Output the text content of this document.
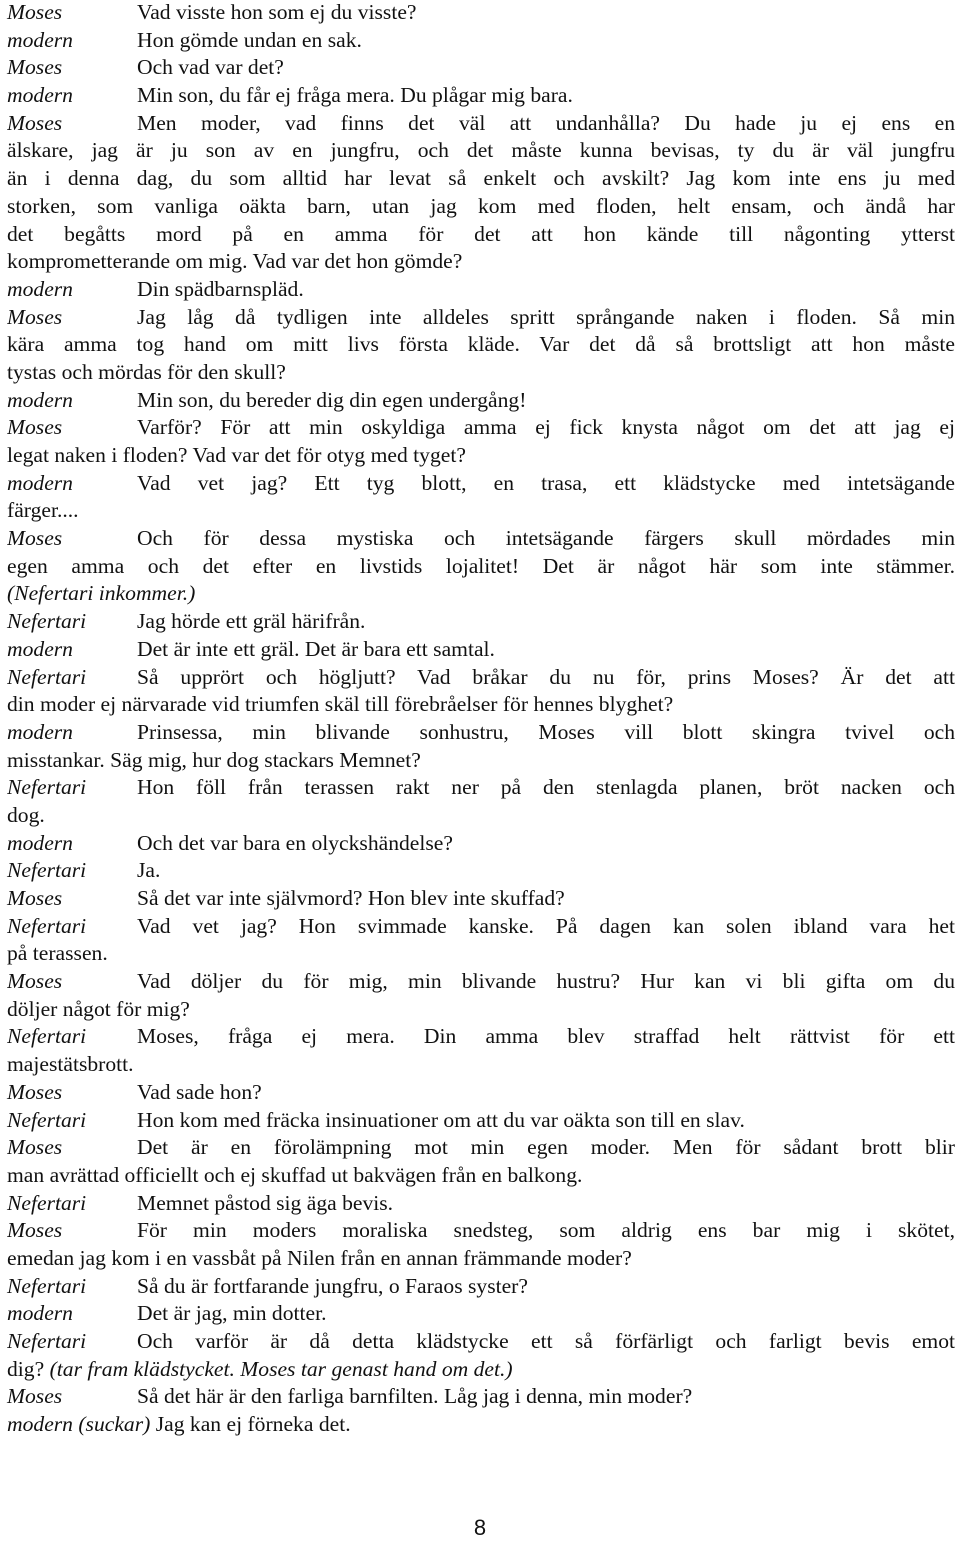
Moses	Vad visste hon som ej du visste?
modern	Hon gömde undan en sak.
Moses	Och vad var det?
modern	Min son, du får ej fråga mera. Du plågar mig bara.
Moses	Men moder, vad finns det väl att undanhålla? Du hade ju ej ens en
älskare, jag är ju son av en jungfru, och det måste kunna bevisas, ty du är väl jungfru
än i denna dag, du som alltid har levat så enkelt och avskilt? Jag kom inte ens ju med
storken, som vanliga oäkta barn, utan jag kom med floden, helt ensam, och ändå har
det begåtts mord på en amma för det att hon kände till någonting ytterst
komprometterande om mig. Vad var det hon gömde?
modern	Din spädbarnspläd.
Moses	Jag låg då tydligen inte alldeles spritt språngande naken i floden. Så min
kära amma tog hand om mitt livs första kläde. Var det då så brottsligt att hon måste
tystas och mördas för den skull?
modern	Min son, du bereder dig din egen undergång!
Moses	Varför? För att min oskyldiga amma ej fick knysta något om det att jag ej
legat naken i floden? Vad var det för otyg med tyget?
modern	Vad vet jag? Ett tyg blott, en trasa, ett klädstycke med intetsägande
färger....
Moses	Och för dessa mystiska och intetsägande färgers skull mördades min
egen amma och det efter en livstids lojalitet! Det är något här som inte stämmer.
(Nefertari inkommer.)
Nefertari Jag hörde ett gräl härifrån.
modern	Det är inte ett gräl. Det är bara ett samtal.
Nefertari Så upprört och högljutt? Vad bråkar du nu för, prins Moses? Är det att
din moder ej närvarade vid triumfen skäl till förebråelser för hennes blyghet?
modern	Prinsessa, min blivande sonhustru, Moses vill blott skingra tvivel och
misstankar. Säg mig, hur dog stackars Memnet?
Nefertari Hon föll från terassen rakt ner på den stenlagda planen, bröt nacken och
dog.
modern	Och det var bara en olyckshändelse?
Nefertari Ja.
Moses	Så det var inte självmord? Hon blev inte skuffad?
Nefertari Vad vet jag? Hon svimmade kanske. På dagen kan solen ibland vara het
på terassen.
Moses	Vad döljer du för mig, min blivande hustru? Hur kan vi bli gifta om du
döljer något för mig?
Nefertari Moses, fråga ej mera. Din amma blev straffad helt rättvist för ett
majestätsbrott.
Moses	Vad sade hon?
Nefertari Hon kom med fräcka insinuationer om att du var oäkta son till en slav.
Moses	Det är en förolämpning mot min egen moder. Men för sådant brott blir
man avrättad officiellt och ej skuffad ut bakvägen från en balkong.
Nefertari Memnet påstod sig äga bevis.
Moses	För min moders moraliska snedsteg, som aldrig ens bar mig i skötet,
emedan jag kom i en vassbåt på Nilen från en annan främmande moder?
Nefertari Så du är fortfarande jungfru, o Faraos syster?
modern	Det är jag, min dotter.
Nefertari Och varför är då detta klädstycke ett så förfärligt och farligt bevis emot
dig? (tar fram klädstycket. Moses tar genast hand om det.)
Moses	Så det här är den farliga barnfilten. Låg jag i denna, min moder?
modern (suckar) Jag kan ej förneka det.
8
